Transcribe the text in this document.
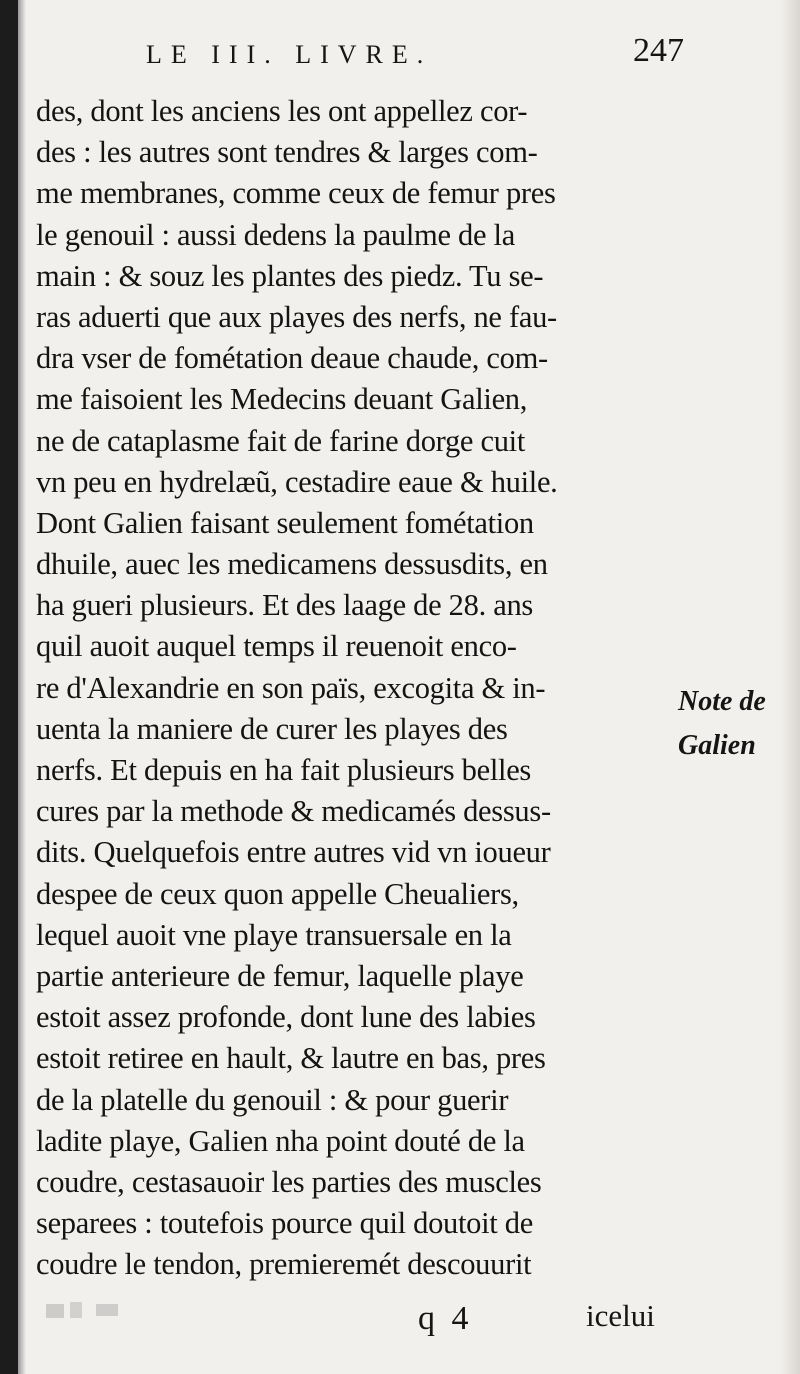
LE III. LIVRE.	247
des, dont les anciens les ont appellez cor-
des : les autres sont tendres & larges com-
me membranes, comme ceux de femur pres
le genouil : aussi dedens la paulme de la
main : & souz les plantes des piedz. Tu se-
ras aduerti que aux playes des nerfs, ne fau-
dra vser de fométation deaue chaude, com-
me faisoient les Medecins deuant Galien,
ne de cataplasme fait de farine dorge cuit
vn peu en hydrelæũ, cestadire eaue & huile.
Dont Galien faisant seulement fométation
dhuile, auec les medicamens dessusdits, en
ha gueri plusieurs. Et des laage de 28. ans
quil auoit auquel temps il reuenoit enco-
re d'Alexandrie en son païs, excogita & in-
uenta la maniere de curer les playes des
nerfs. Et depuis en ha fait plusieurs belles
cures par la methode & medicamés dessus-
dits. Quelquefois entre autres vid vn ioueur
despee de ceux quon appelle Cheualiers,
lequel auoit vne playe transuersale en la
partie anterieure de femur, laquelle playe
estoit assez profonde, dont lune des labies
estoit retiree en hault, & lautre en bas, pres
de la platelle du genouil : & pour guerir
ladite playe, Galien nha point douté de la
coudre, cestasauoir les parties des muscles
separees : toutefois pource quil doutoit de
coudre le tendon, premieremét descouurit
Note de
Galien
q 4	icelui
